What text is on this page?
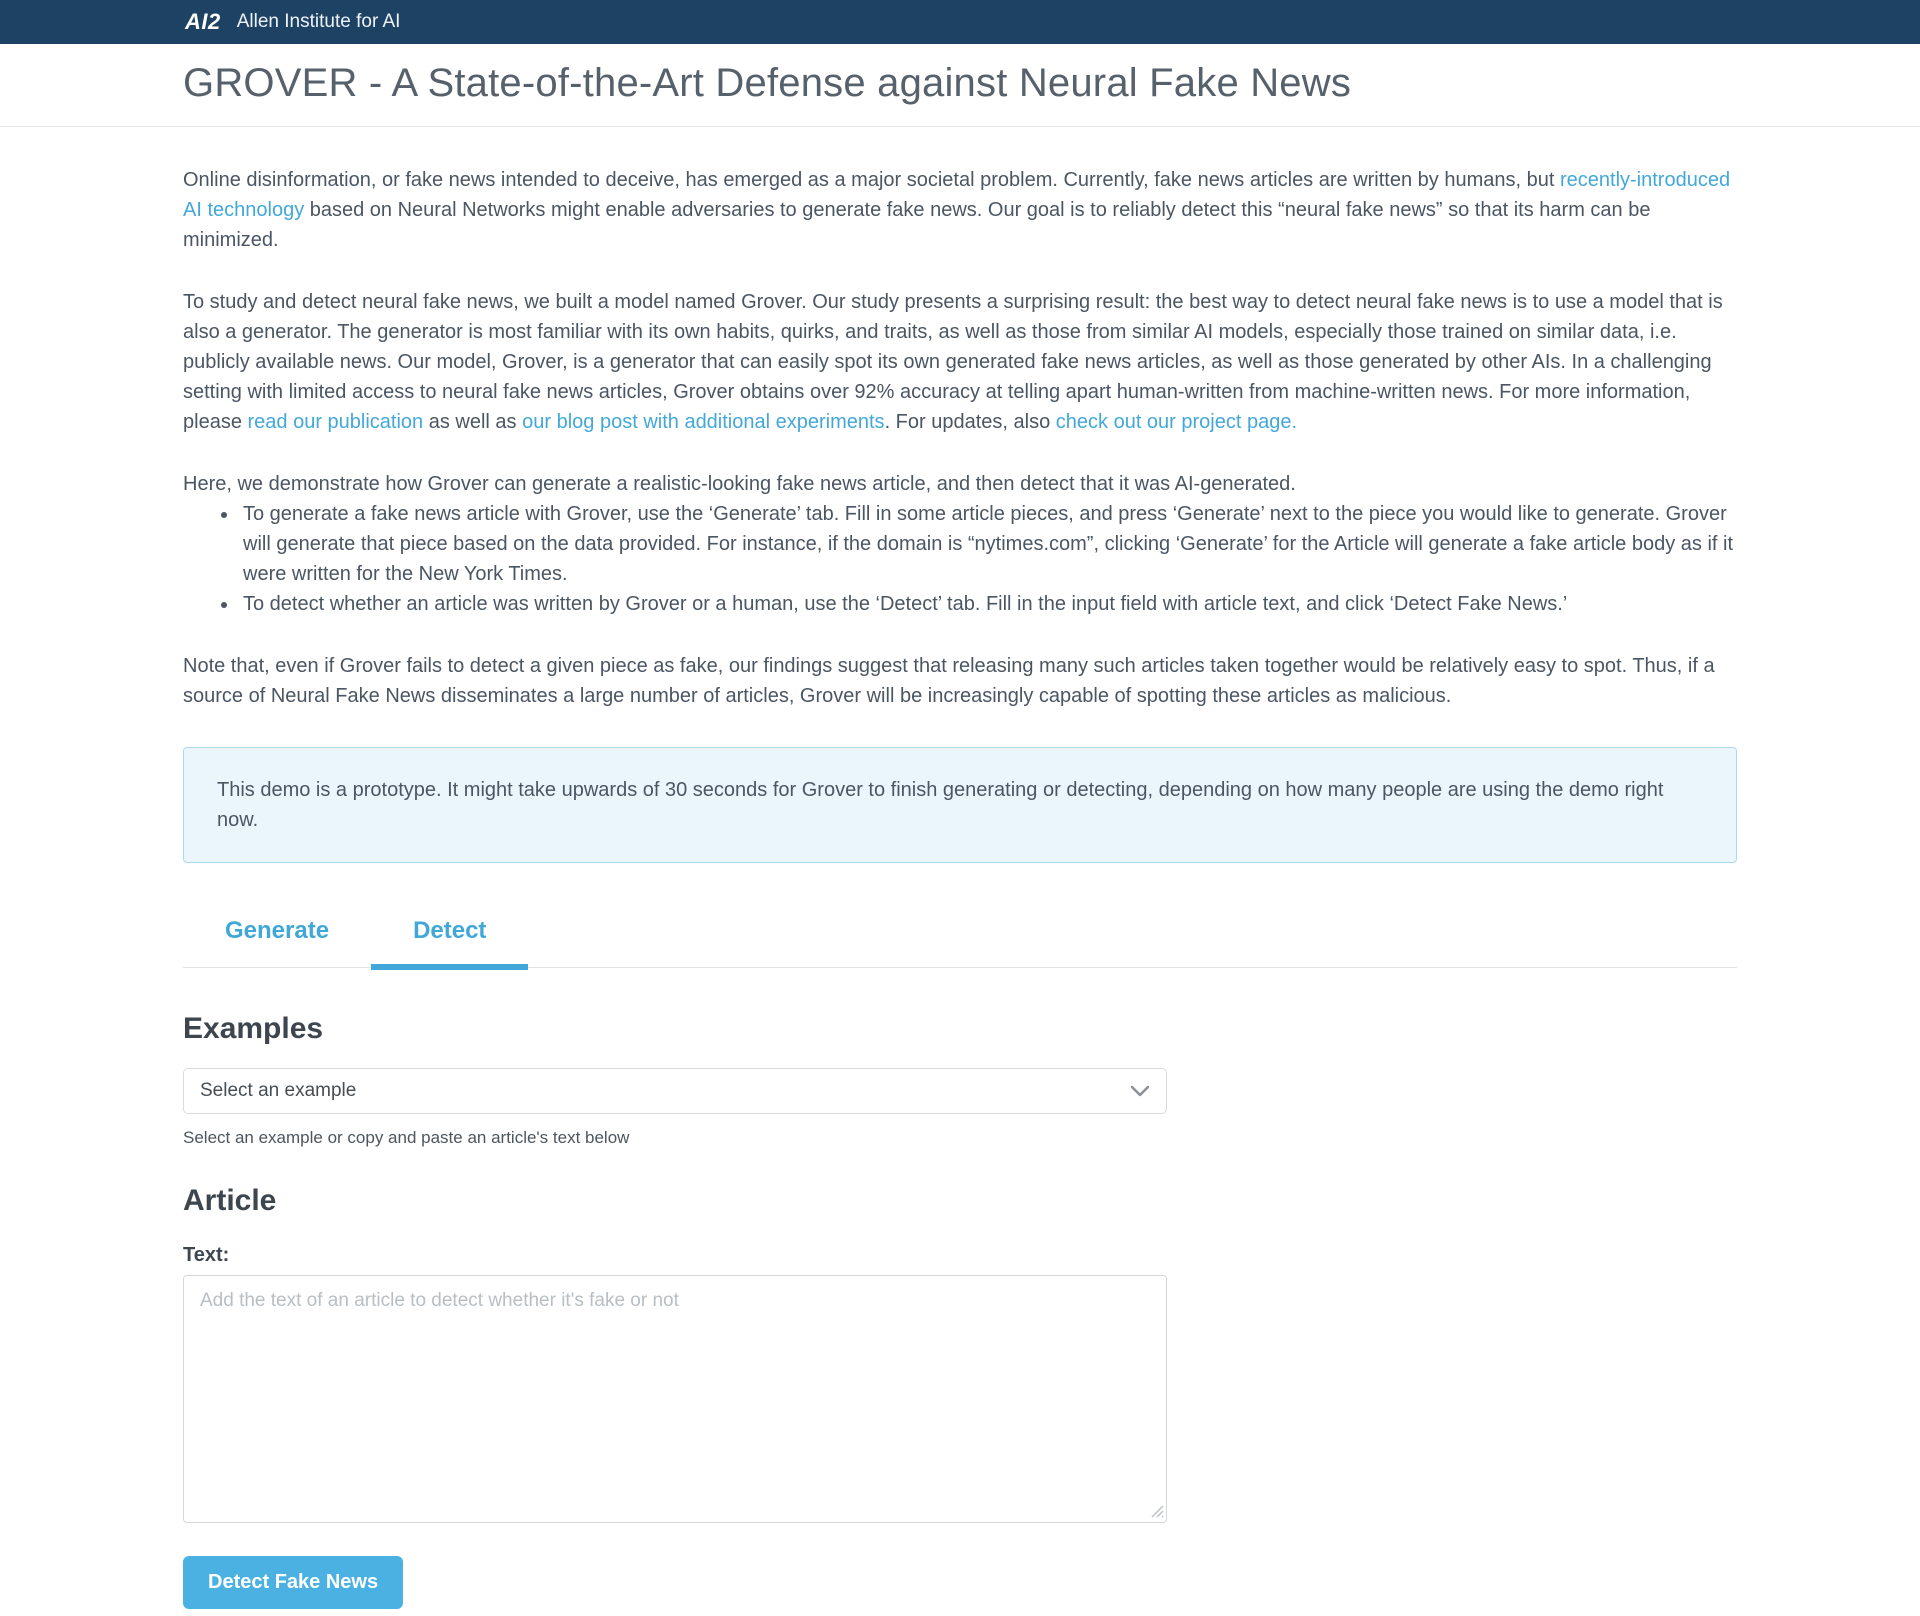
AI2 Allen Institute for AI
GROVER - A State-of-the-Art Defense against Neural Fake News

Online disinformation, or fake news intended to deceive, has emerged as a major societal problem. Currently, fake news articles are written by humans, but recently-introduced AI technology based on Neural Networks might enable adversaries to generate fake news. Our goal is to reliably detect this “neural fake news” so that its harm can be minimized.

To study and detect neural fake news, we built a model named Grover. Our study presents a surprising result: the best way to detect neural fake news is to use a model that is also a generator. The generator is most familiar with its own habits, quirks, and traits, as well as those from similar AI models, especially those trained on similar data, i.e. publicly available news. Our model, Grover, is a generator that can easily spot its own generated fake news articles, as well as those generated by other AIs. In a challenging setting with limited access to neural fake news articles, Grover obtains over 92% accuracy at telling apart human-written from machine-written news. For more information, please read our publication as well as our blog post with additional experiments. For updates, also check out our project page.

Here, we demonstrate how Grover can generate a realistic-looking fake news article, and then detect that it was AI-generated.

• To generate a fake news article with Grover, use the ‘Generate’ tab. Fill in some article pieces, and press ‘Generate’ next to the piece you would like to generate. Grover will generate that piece based on the data provided. For instance, if the domain is “nytimes.com”, clicking ‘Generate’ for the Article will generate a fake article body as if it were written for the New York Times.
• To detect whether an article was written by Grover or a human, use the ‘Detect’ tab. Fill in the input field with article text, and click ‘Detect Fake News.’

Note that, even if Grover fails to detect a given piece as fake, our findings suggest that releasing many such articles taken together would be relatively easy to spot. Thus, if a source of Neural Fake News disseminates a large number of articles, Grover will be increasingly capable of spotting these articles as malicious.

This demo is a prototype. It might take upwards of 30 seconds for Grover to finish generating or detecting, depending on how many people are using the demo right now.
Generate	Detect
Examples
Select an example
Select an example or copy and paste an article's text below
Article
Text:
Add the text of an article to detect whether it's fake or not
Detect Fake News
